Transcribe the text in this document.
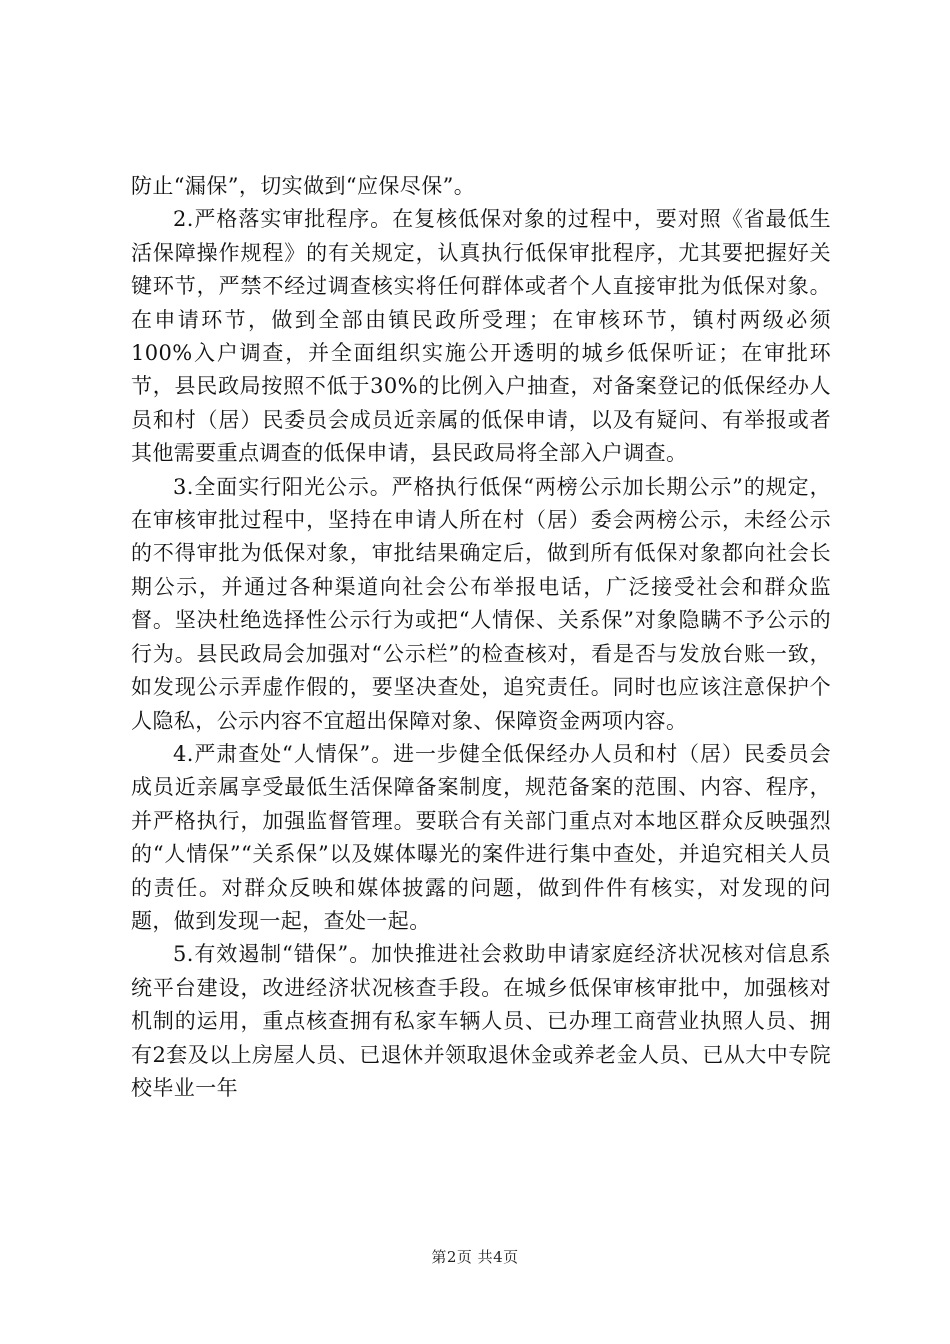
防止“漏保”，切实做到“应保尽保”。

2.严格落实审批程序。在复核低保对象的过程中，要对照《省最低生活保障操作规程》的有关规定，认真执行低保审批程序，尤其要把握好关键环节，严禁不经过调查核实将任何群体或者个人直接审批为低保对象。在申请环节，做到全部由镇民政所受理；在审核环节，镇村两级必须100%入户调查，并全面组织实施公开透明的城乡低保听证；在审批环节，县民政局按照不低于30%的比例入户抽查，对备案登记的低保经办人员和村（居）民委员会成员近亲属的低保申请，以及有疑问、有举报或者其他需要重点调查的低保申请，县民政局将全部入户调查。

3.全面实行阳光公示。严格执行低保“两榜公示加长期公示”的规定，在审核审批过程中，坚持在申请人所在村（居）委会两榜公示，未经公示的不得审批为低保对象，审批结果确定后，做到所有低保对象都向社会长期公示，并通过各种渠道向社会公布举报电话，广泛接受社会和群众监督。坚决杜绝选择性公示行为或把“人情保、关系保”对象隐瞒不予公示的行为。县民政局会加强对“公示栏”的检查核对，看是否与发放台账一致，如发现公示弄虚作假的，要坚决查处，追究责任。同时也应该注意保护个人隐私，公示内容不宜超出保障对象、保障资金两项内容。

4.严肃查处“人情保”。进一步健全低保经办人员和村（居）民委员会成员近亲属享受最低生活保障备案制度，规范备案的范围、内容、程序，并严格执行，加强监督管理。要联合有关部门重点对本地区群众反映强烈的“人情保”“关系保”以及媒体曝光的案件进行集中查处，并追究相关人员的责任。对群众反映和媒体披露的问题，做到件件有核实，对发现的问题，做到发现一起，查处一起。

5.有效遏制“错保”。加快推进社会救助申请家庭经济状况核对信息系统平台建设，改进经济状况核查手段。在城乡低保审核审批中，加强核对机制的运用，重点核查拥有私家车辆人员、已办理工商营业执照人员、拥有2套及以上房屋人员、已退休并领取退休金或养老金人员、已从大中专院校毕业一年

第2页 共4页
